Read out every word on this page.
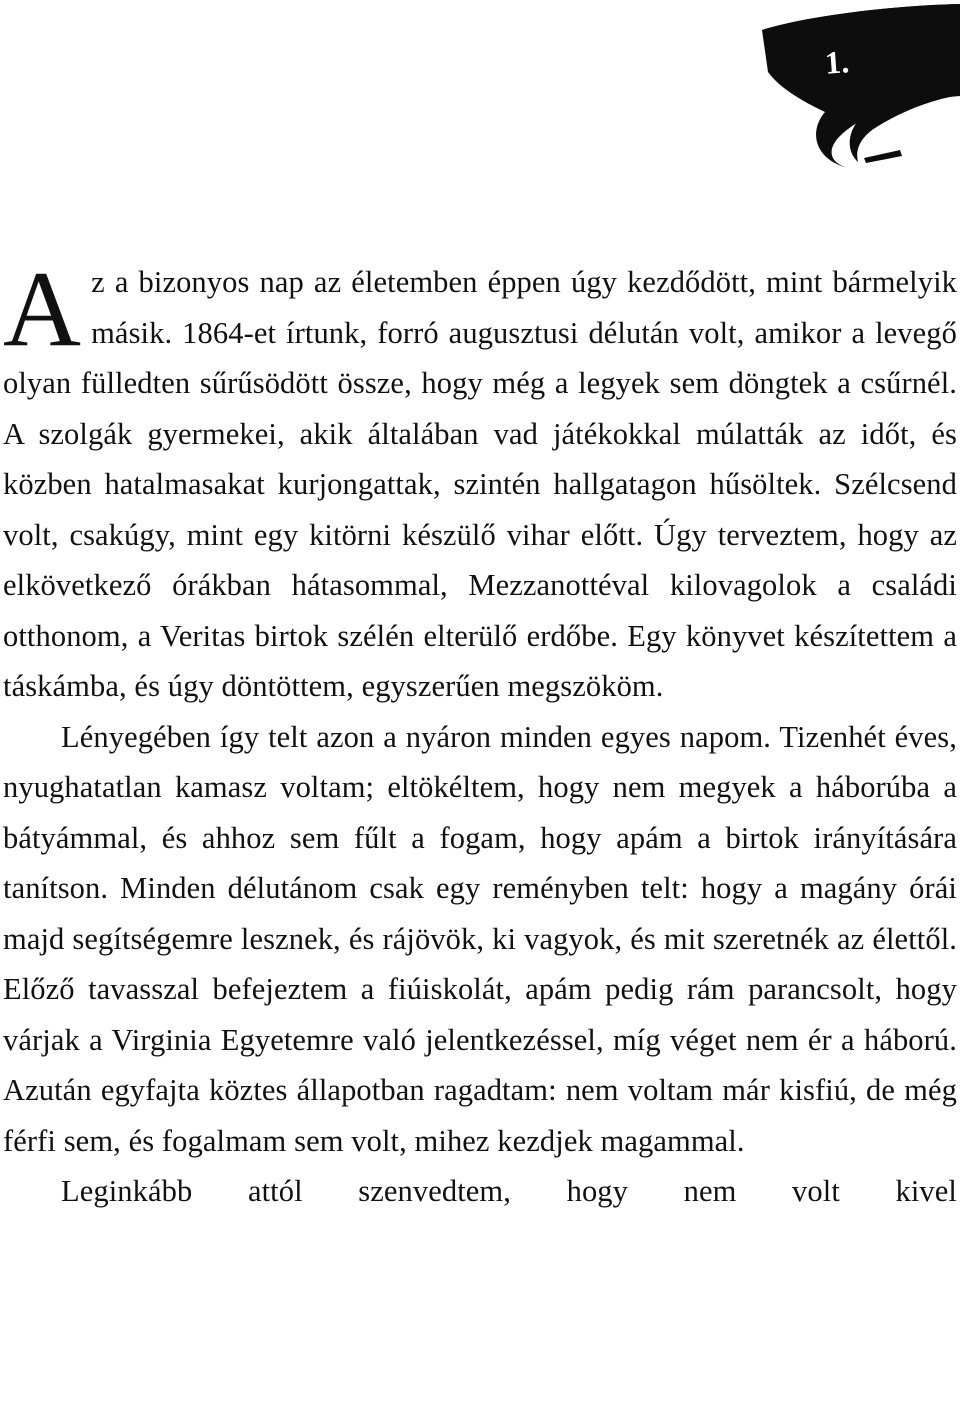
1.

Az a bizonyos nap az életemben éppen úgy kezdődött, mint bármelyik másik. 1864-et írtunk, forró augusztusi délután volt, amikor a levegő olyan fülledten sűrűsödött össze, hogy még a legyek sem döngtek a csűrnél. A szolgák gyermekei, akik általában vad játékokkal múlatták az időt, és közben hatalmasakat kurjongattak, szintén hallgatagon hűsöltek. Szélcsend volt, csakúgy, mint egy kitörni készülő vihar előtt. Úgy terveztem, hogy az elkövetkező órákban hátasommal, Mezzanottéval kilovagolok a családi otthonom, a Veritas birtok szélén elterülő erdőbe. Egy könyvet készítettem a táskámba, és úgy döntöttem, egyszerűen megszököm.

Lényegében így telt azon a nyáron minden egyes napom. Tizenhét éves, nyughatatlan kamasz voltam; eltökéltem, hogy nem megyek a háborúba a bátyámmal, és ahhoz sem fűlt a fogam, hogy apám a birtok irányítására tanítson. Minden délutánom csak egy reményben telt: hogy a magány órái majd segítségemre lesznek, és rájövök, ki vagyok, és mit szeretnék az élettől. Előző tavasszal befejeztem a fiúiskolát, apám pedig rám parancsolt, hogy várjak a Virginia Egyetemre való jelentkezéssel, míg véget nem ér a háború. Azután egyfajta köztes állapotban ragadtam: nem voltam már kisfiú, de még férfi sem, és fogalmam sem volt, mihez kezdjek magammal.

Leginkább attól szenvedtem, hogy nem volt kivel
